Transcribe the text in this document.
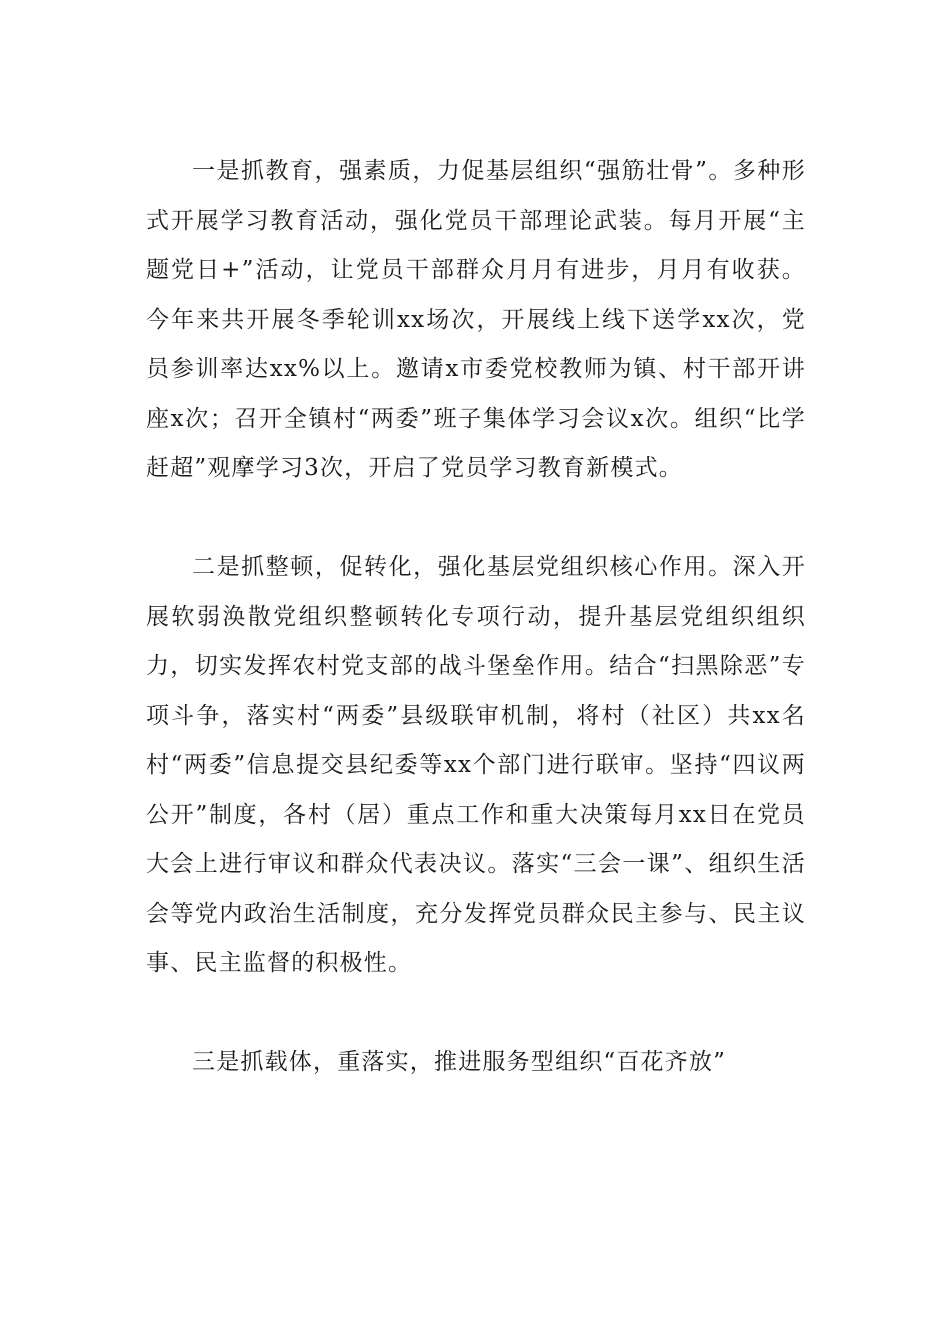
一是抓教育，强素质，力促基层组织“强筋壮骨”。多种形式开展学习教育活动，强化党员干部理论武装。每月开展“主题党日+”活动，让党员干部群众月月有进步，月月有收获。今年来共开展冬季轮训xx场次，开展线上线下送学xx次，党员参训率达xx%以上。邀请x市委党校教师为镇、村干部开讲座x次；召开全镇村“两委”班子集体学习会议x次。组织“比学赶超”观摩学习3次，开启了党员学习教育新模式。

二是抓整顿，促转化，强化基层党组织核心作用。深入开展软弱涣散党组织整顿转化专项行动，提升基层党组织组织力，切实发挥农村党支部的战斗堡垒作用。结合“扫黑除恶”专项斗争，落实村“两委”县级联审机制，将村（社区）共xx名村“两委”信息提交县纪委等xx个部门进行联审。坚持“四议两公开”制度，各村（居）重点工作和重大决策每月xx日在党员大会上进行审议和群众代表决议。落实“三会一课”、组织生活会等党内政治生活制度，充分发挥党员群众民主参与、民主议事、民主监督的积极性。

三是抓载体，重落实，推进服务型组织“百花齐放”
